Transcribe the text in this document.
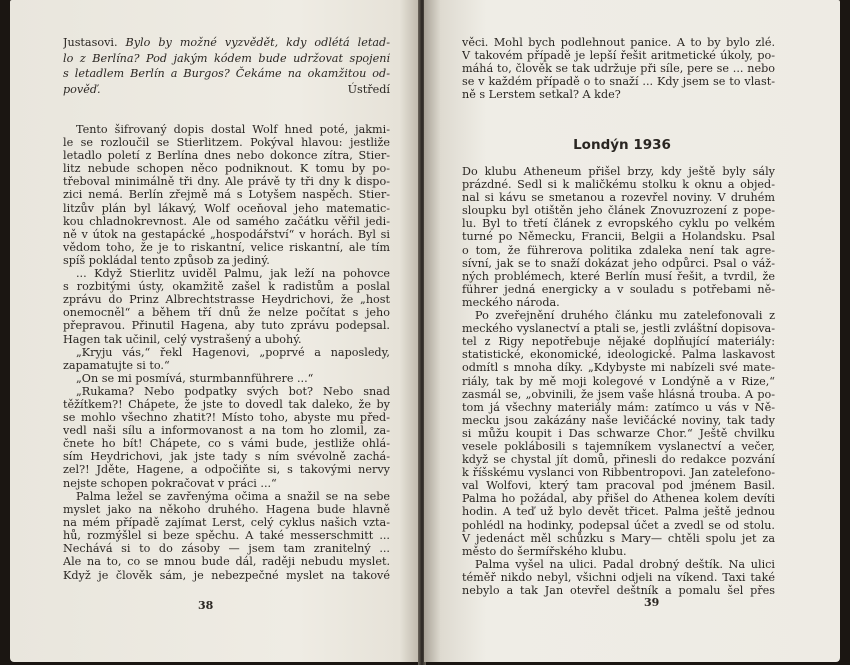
Justasovi. Bylo by možné vyzvědět, kdy odlétá letad-
lo z Berlína? Pod jakým kódem bude udržovat spojení
s letadlem Berlín a Burgos? Čekáme na okamžitou od-
pověď.	Ústředí
Tento šifrovaný dopis dostal Wolf hned poté, jakmi-
le se rozloučil se Stierlitzem. Pokýval hlavou: jestliže
letadlo poletí z Berlína dnes nebo dokonce zítra, Stier-
litz nebude schopen něco podniknout. K tomu by po-
třeboval minimálně tři dny. Ale právě ty tři dny k dispo-
zici nemá. Berlín zřejmě má s Lotyšem naspěch. Stier-
litzův plán byl lákavý, Wolf oceňoval jeho matematic-
kou chladnokrevnost. Ale od samého začátku věřil jedi-
ně v útok na gestapácké „hospodářství“ v horách. Byl si
vědom toho, že je to riskantní, velice riskantní, ale tím
spíš pokládal tento způsob za jediný.
... Když Stierlitz uviděl Palmu, jak leží na pohovce
s rozbitými ústy, okamžitě zašel k radistům a poslal
zprávu do Prinz Albrechtstrasse Heydrichovi, že „host
onemocněl“ a během tří dnů že nelze počítat s jeho
přepravou. Přinutil Hagena, aby tuto zprávu podepsal.
Hagen tak učinil, celý vystrašený a ubohý.
„Kryju vás,“ řekl Hagenovi, „poprvé a naposledy,
zapamatujte si to.“
„On se mi posmívá, sturmbannführere ...“
„Rukama? Nebo podpatky svých bot? Nebo snad
těžítkem?! Chápete, že jste to dovedl tak daleko, že by
se mohlo všechno zhatit?! Místo toho, abyste mu před-
vedl naši sílu a informovanost a na tom ho zlomil, za-
čnete ho bít! Chápete, co s vámi bude, jestliže ohlá-
sím Heydrichovi, jak jste tady s ním svévolně zachá-
zel?! Jděte, Hagene, a odpočiňte si, s takovými nervy
nejste schopen pokračovat v práci ...“
Palma ležel se zavřenýma očima a snažil se na sebe
myslet jako na někoho druhého. Hagena bude hlavně
na mém případě zajímat Lerst, celý cyklus našich vzta-
hů, rozmýšlel si beze spěchu. A také messerschmitt ...
Nechává si to do zásoby — jsem tam zranitelný ...
Ale na to, co se mnou bude dál, raději nebudu myslet.
Když je člověk sám, je nebezpečné myslet na takové
38
věci. Mohl bych podlehnout panice. A to by bylo zlé.
V takovém případě je lepší řešit aritmetické úkoly, po-
máhá to, člověk se tak udržuje při síle, pere se ... nebo
se v každém případě o to snaží ... Kdy jsem se to vlast-
ně s Lerstem setkal? A kde?
Londýn 1936
Do klubu Atheneum přišel brzy, kdy ještě byly sály
prázdné. Sedl si k maličkému stolku k oknu a objed-
nal si kávu se smetanou a rozevřel noviny. V druhém
sloupku byl otištěn jeho článek Znovuzrození z pope-
lu. Byl to třetí článek z evropského cyklu po velkém
turné po Německu, Francii, Belgii a Holandsku. Psal
o tom, že führerova politika zdaleka není tak agre-
sívní, jak se to snaží dokázat jeho odpůrci. Psal o váž-
ných problémech, které Berlín musí řešit, a tvrdil, že
führer jedná energicky a v souladu s potřebami ně-
meckého národa.
Po zveřejnění druhého článku mu zatelefonovali z
meckého vyslanectví a ptali se, jestli zvláštní dopisova-
tel z Rigy nepotřebuje nějaké doplňující materiály:
statistické, ekonomické, ideologické. Palma laskavost
odmítl s mnoha díky. „Kdybyste mi nabízeli své mate-
riály, tak by mě moji kolegové v Londýně a v Rize,“
zasmál se, „obvinili, že jsem vaše hlásná trouba. A po-
tom já všechny materiály mám: zatímco u vás v Ně-
mecku jsou zakázány naše levičácké noviny, tak tady
si můžu koupit i Das schwarze Chor.“ Ještě chvilku
vesele poklábosili s tajemníkem vyslanectví a večer,
když se chystal jít domů, přinesli do redakce pozvání
k říšskému vyslanci von Ribbentropovi. Jan zatelefono-
val Wolfovi, který tam pracoval pod jménem Basil.
Palma ho požádal, aby přišel do Athenea kolem devíti
hodin. A teď už bylo devět třicet. Palma ještě jednou
pohlédl na hodinky, podepsal účet a zvedl se od stolu.
V jedenáct měl schůzku s Mary— chtěli spolu jet za
město do šermířského klubu.
Palma vyšel na ulici. Padal drobný deštík. Na ulici
téměř nikdo nebyl, všichni odjeli na víkend. Taxi také
nebylo a tak Jan otevřel deštník a pomalu šel přes
39
